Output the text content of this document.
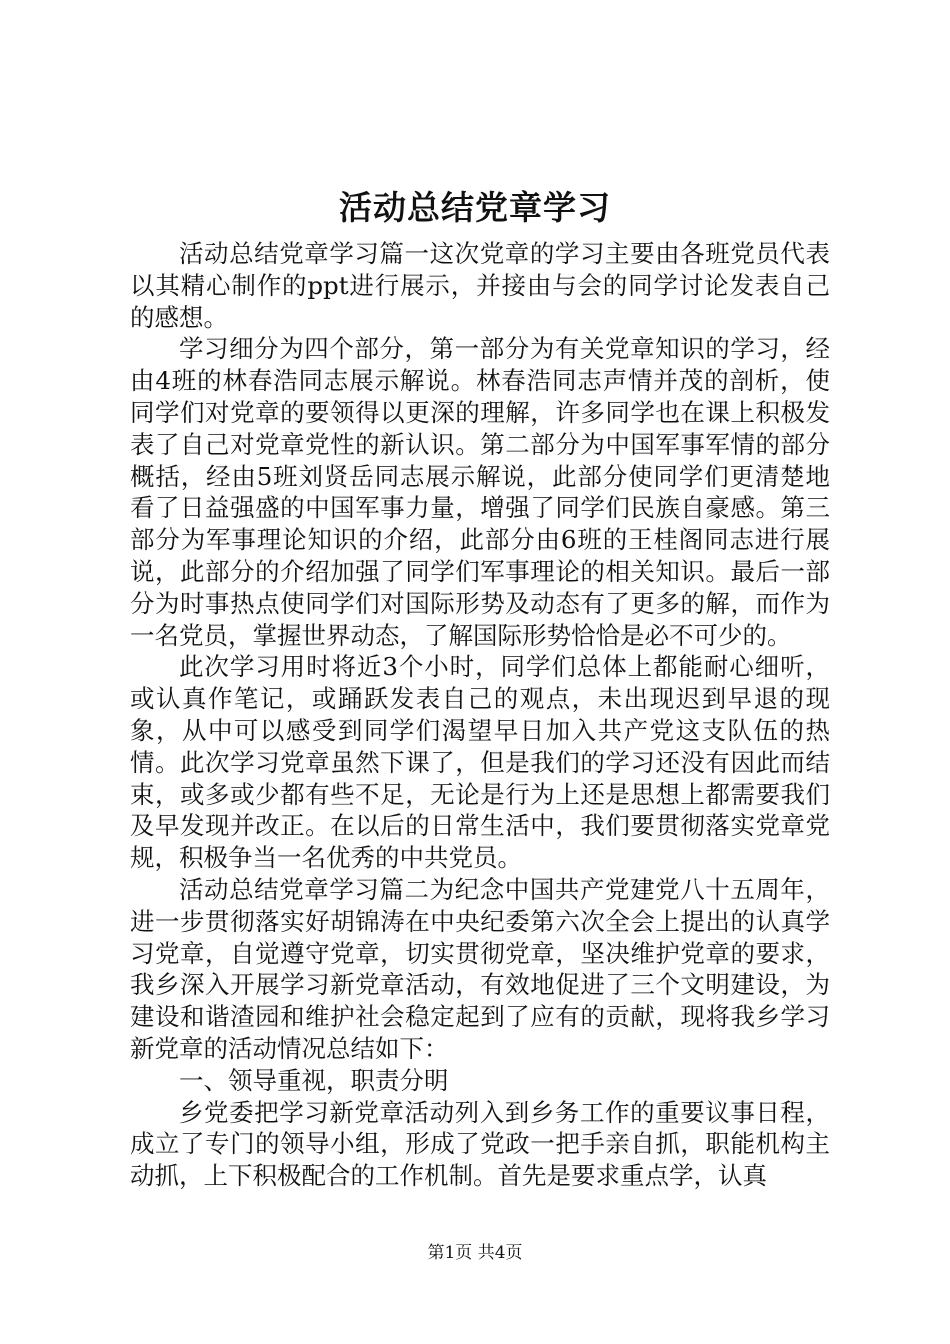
活动总结党章学习

活动总结党章学习篇一这次党章的学习主要由各班党员代表以其精心制作的ppt进行展示，并接由与会的同学讨论发表自己的感想。

学习细分为四个部分，第一部分为有关党章知识的学习，经由4班的林春浩同志展示解说。林春浩同志声情并茂的剖析，使同学们对党章的要领得以更深的理解，许多同学也在课上积极发表了自己对党章党性的新认识。第二部分为中国军事军情的部分概括，经由5班刘贤岳同志展示解说，此部分使同学们更清楚地看了日益强盛的中国军事力量，增强了同学们民族自豪感。第三部分为军事理论知识的介绍，此部分由6班的王桂阁同志进行展说，此部分的介绍加强了同学们军事理论的相关知识。最后一部分为时事热点使同学们对国际形势及动态有了更多的解，而作为一名党员，掌握世界动态，了解国际形势恰恰是必不可少的。

此次学习用时将近3个小时，同学们总体上都能耐心细听，或认真作笔记，或踊跃发表自己的观点，未出现迟到早退的现象，从中可以感受到同学们渴望早日加入共产党这支队伍的热情。此次学习党章虽然下课了，但是我们的学习还没有因此而结束，或多或少都有些不足，无论是行为上还是思想上都需要我们及早发现并改正。在以后的日常生活中，我们要贯彻落实党章党规，积极争当一名优秀的中共党员。

活动总结党章学习篇二为纪念中国共产党建党八十五周年，进一步贯彻落实好胡锦涛在中央纪委第六次全会上提出的认真学习党章，自觉遵守党章，切实贯彻党章，坚决维护党章的要求，我乡深入开展学习新党章活动，有效地促进了三个文明建设，为建设和谐渣园和维护社会稳定起到了应有的贡献，现将我乡学习新党章的活动情况总结如下：

一、领导重视，职责分明

乡党委把学习新党章活动列入到乡务工作的重要议事日程，成立了专门的领导小组，形成了党政一把手亲自抓，职能机构主动抓，上下积极配合的工作机制。首先是要求重点学，认真

第1页 共4页
